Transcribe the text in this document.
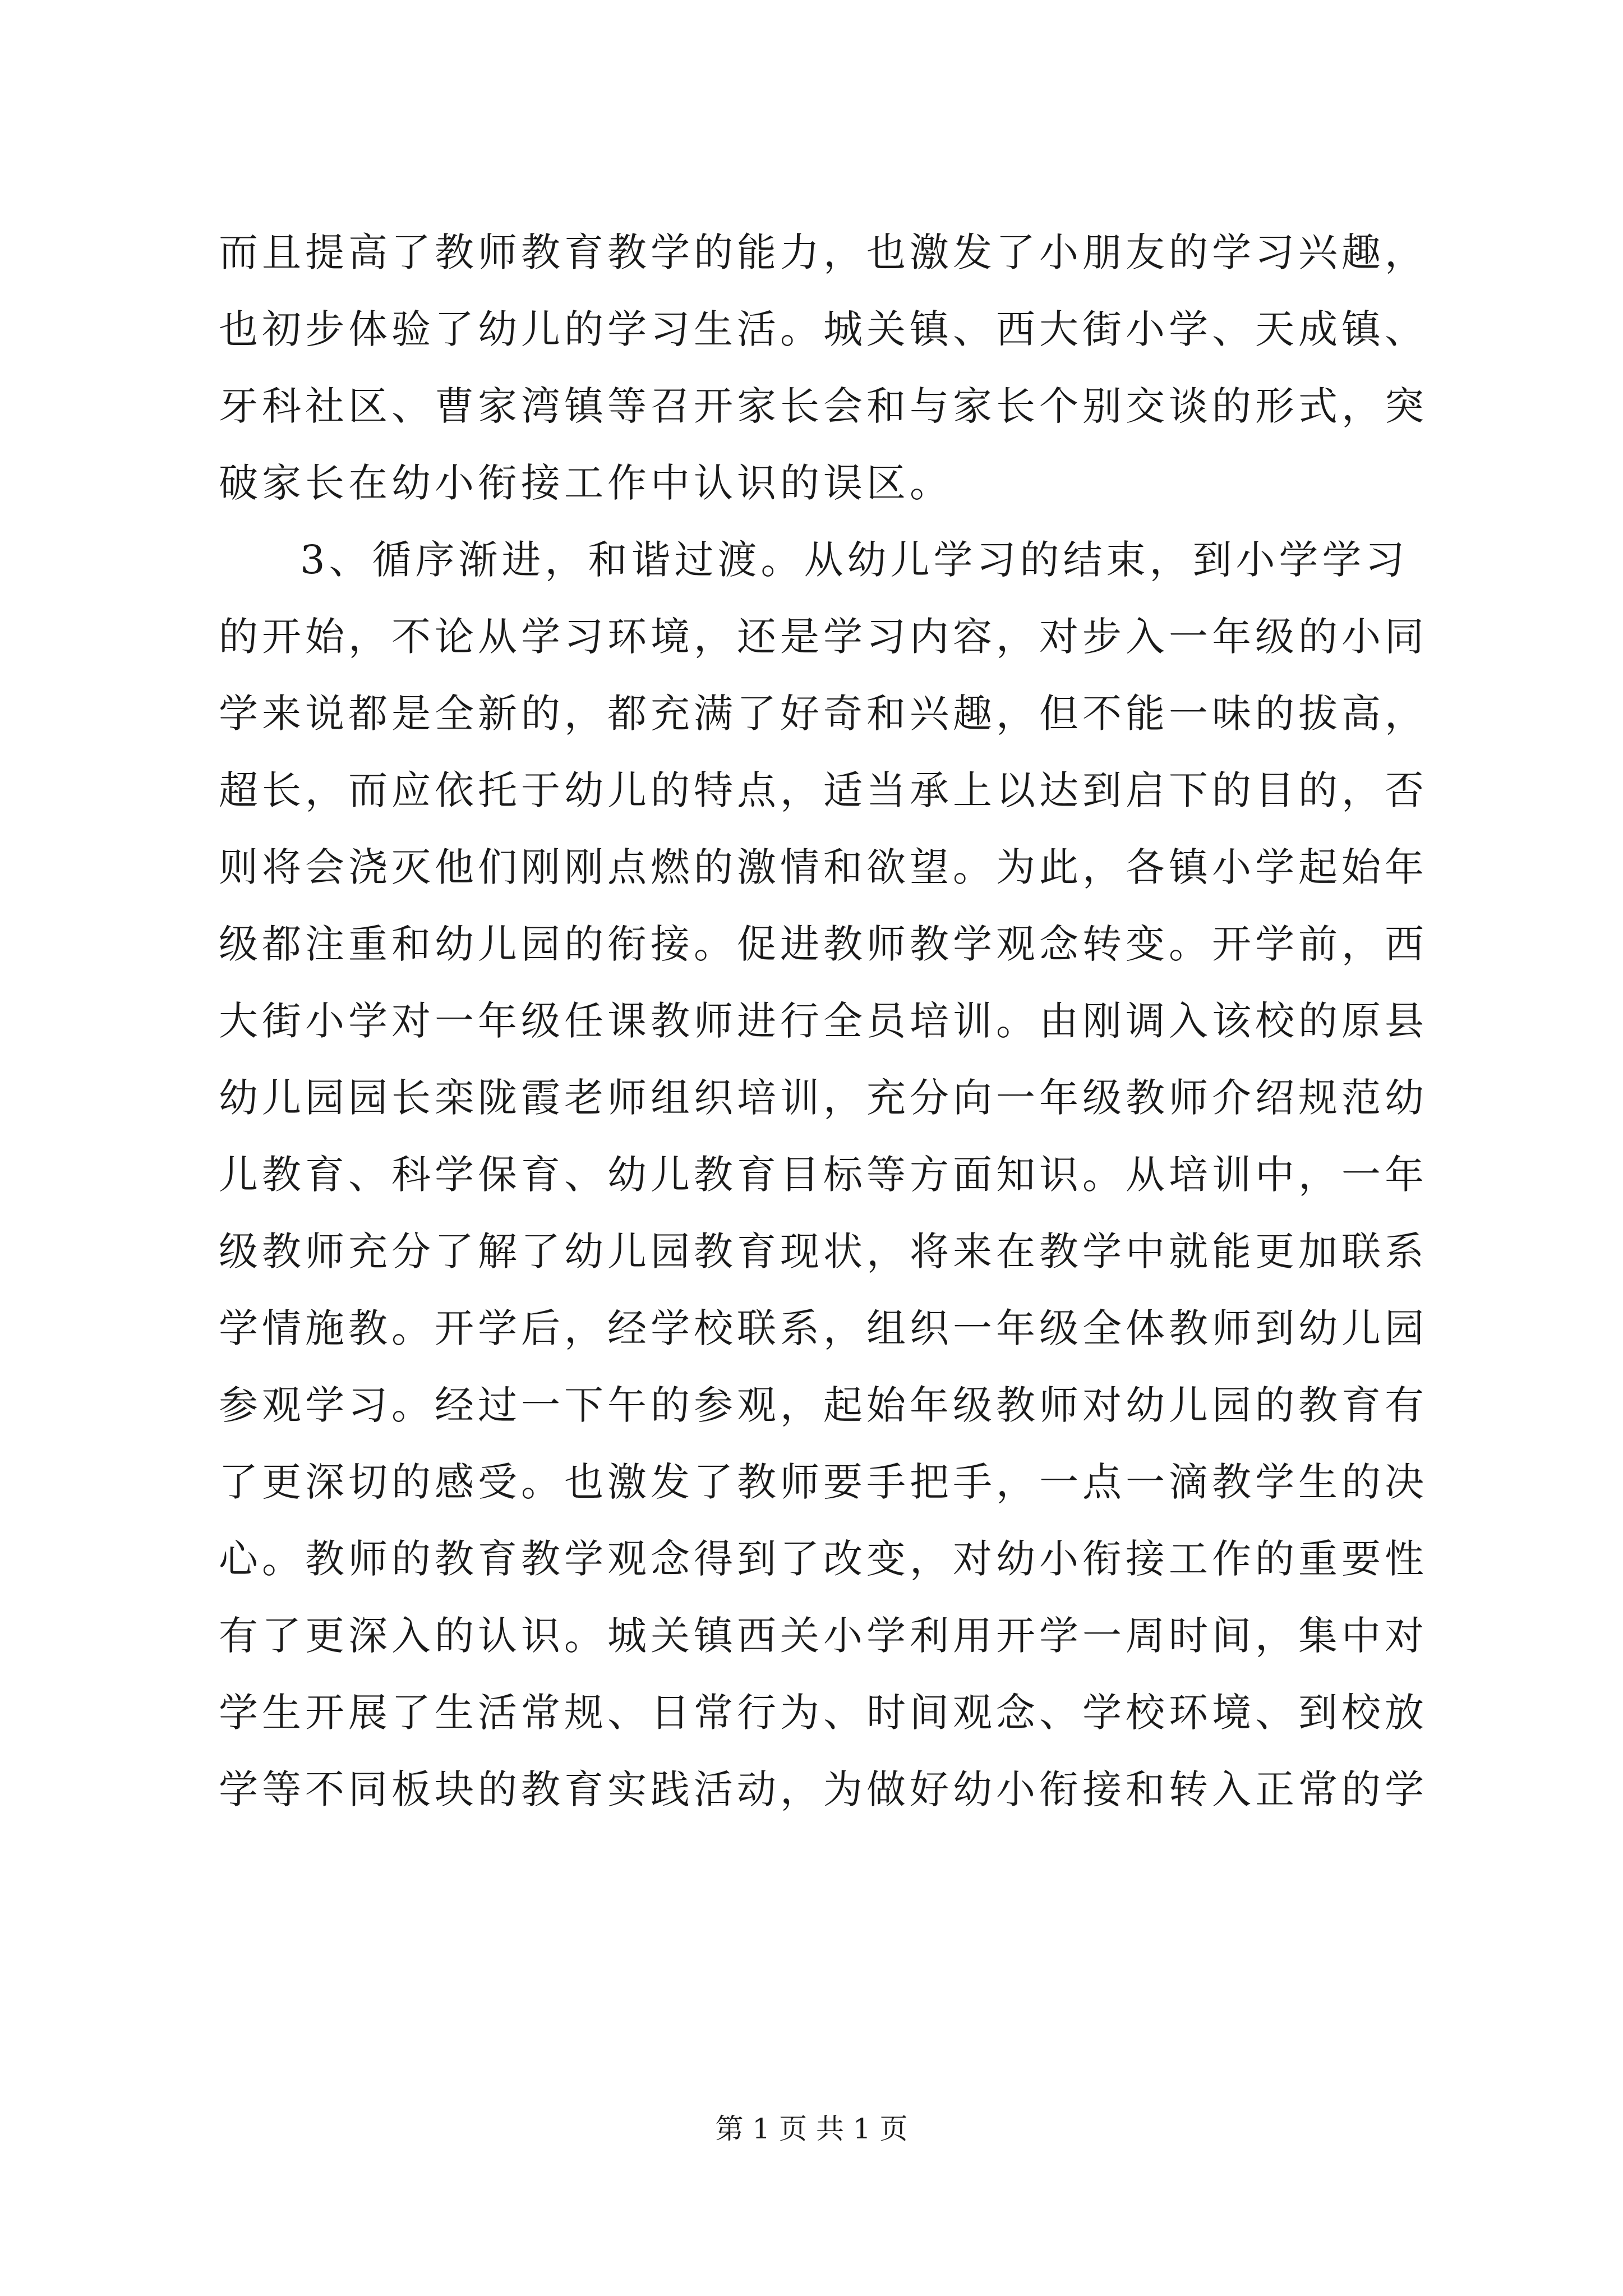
而且提高了教师教育教学的能力，也激发了小朋友的学习兴趣，
也初步体验了幼儿的学习生活。城关镇、西大街小学、天成镇、
牙科社区、曹家湾镇等召开家长会和与家长个别交谈的形式，突
破家长在幼小衔接工作中认识的误区。
3、循序渐进，和谐过渡。从幼儿学习的结束，到小学学习
的开始，不论从学习环境，还是学习内容，对步入一年级的小同
学来说都是全新的，都充满了好奇和兴趣，但不能一味的拔高，
超长，而应依托于幼儿的特点，适当承上以达到启下的目的，否
则将会浇灭他们刚刚点燃的激情和欲望。为此，各镇小学起始年
级都注重和幼儿园的衔接。促进教师教学观念转变。开学前，西
大街小学对一年级任课教师进行全员培训。由刚调入该校的原县
幼儿园园长栾陇霞老师组织培训，充分向一年级教师介绍规范幼
儿教育、科学保育、幼儿教育目标等方面知识。从培训中，一年
级教师充分了解了幼儿园教育现状，将来在教学中就能更加联系
学情施教。开学后，经学校联系，组织一年级全体教师到幼儿园
参观学习。经过一下午的参观，起始年级教师对幼儿园的教育有
了更深切的感受。也激发了教师要手把手，一点一滴教学生的决
心。教师的教育教学观念得到了改变，对幼小衔接工作的重要性
有了更深入的认识。城关镇西关小学利用开学一周时间，集中对
学生开展了生活常规、日常行为、时间观念、学校环境、到校放
学等不同板块的教育实践活动，为做好幼小衔接和转入正常的学
第 1 页 共 1 页
